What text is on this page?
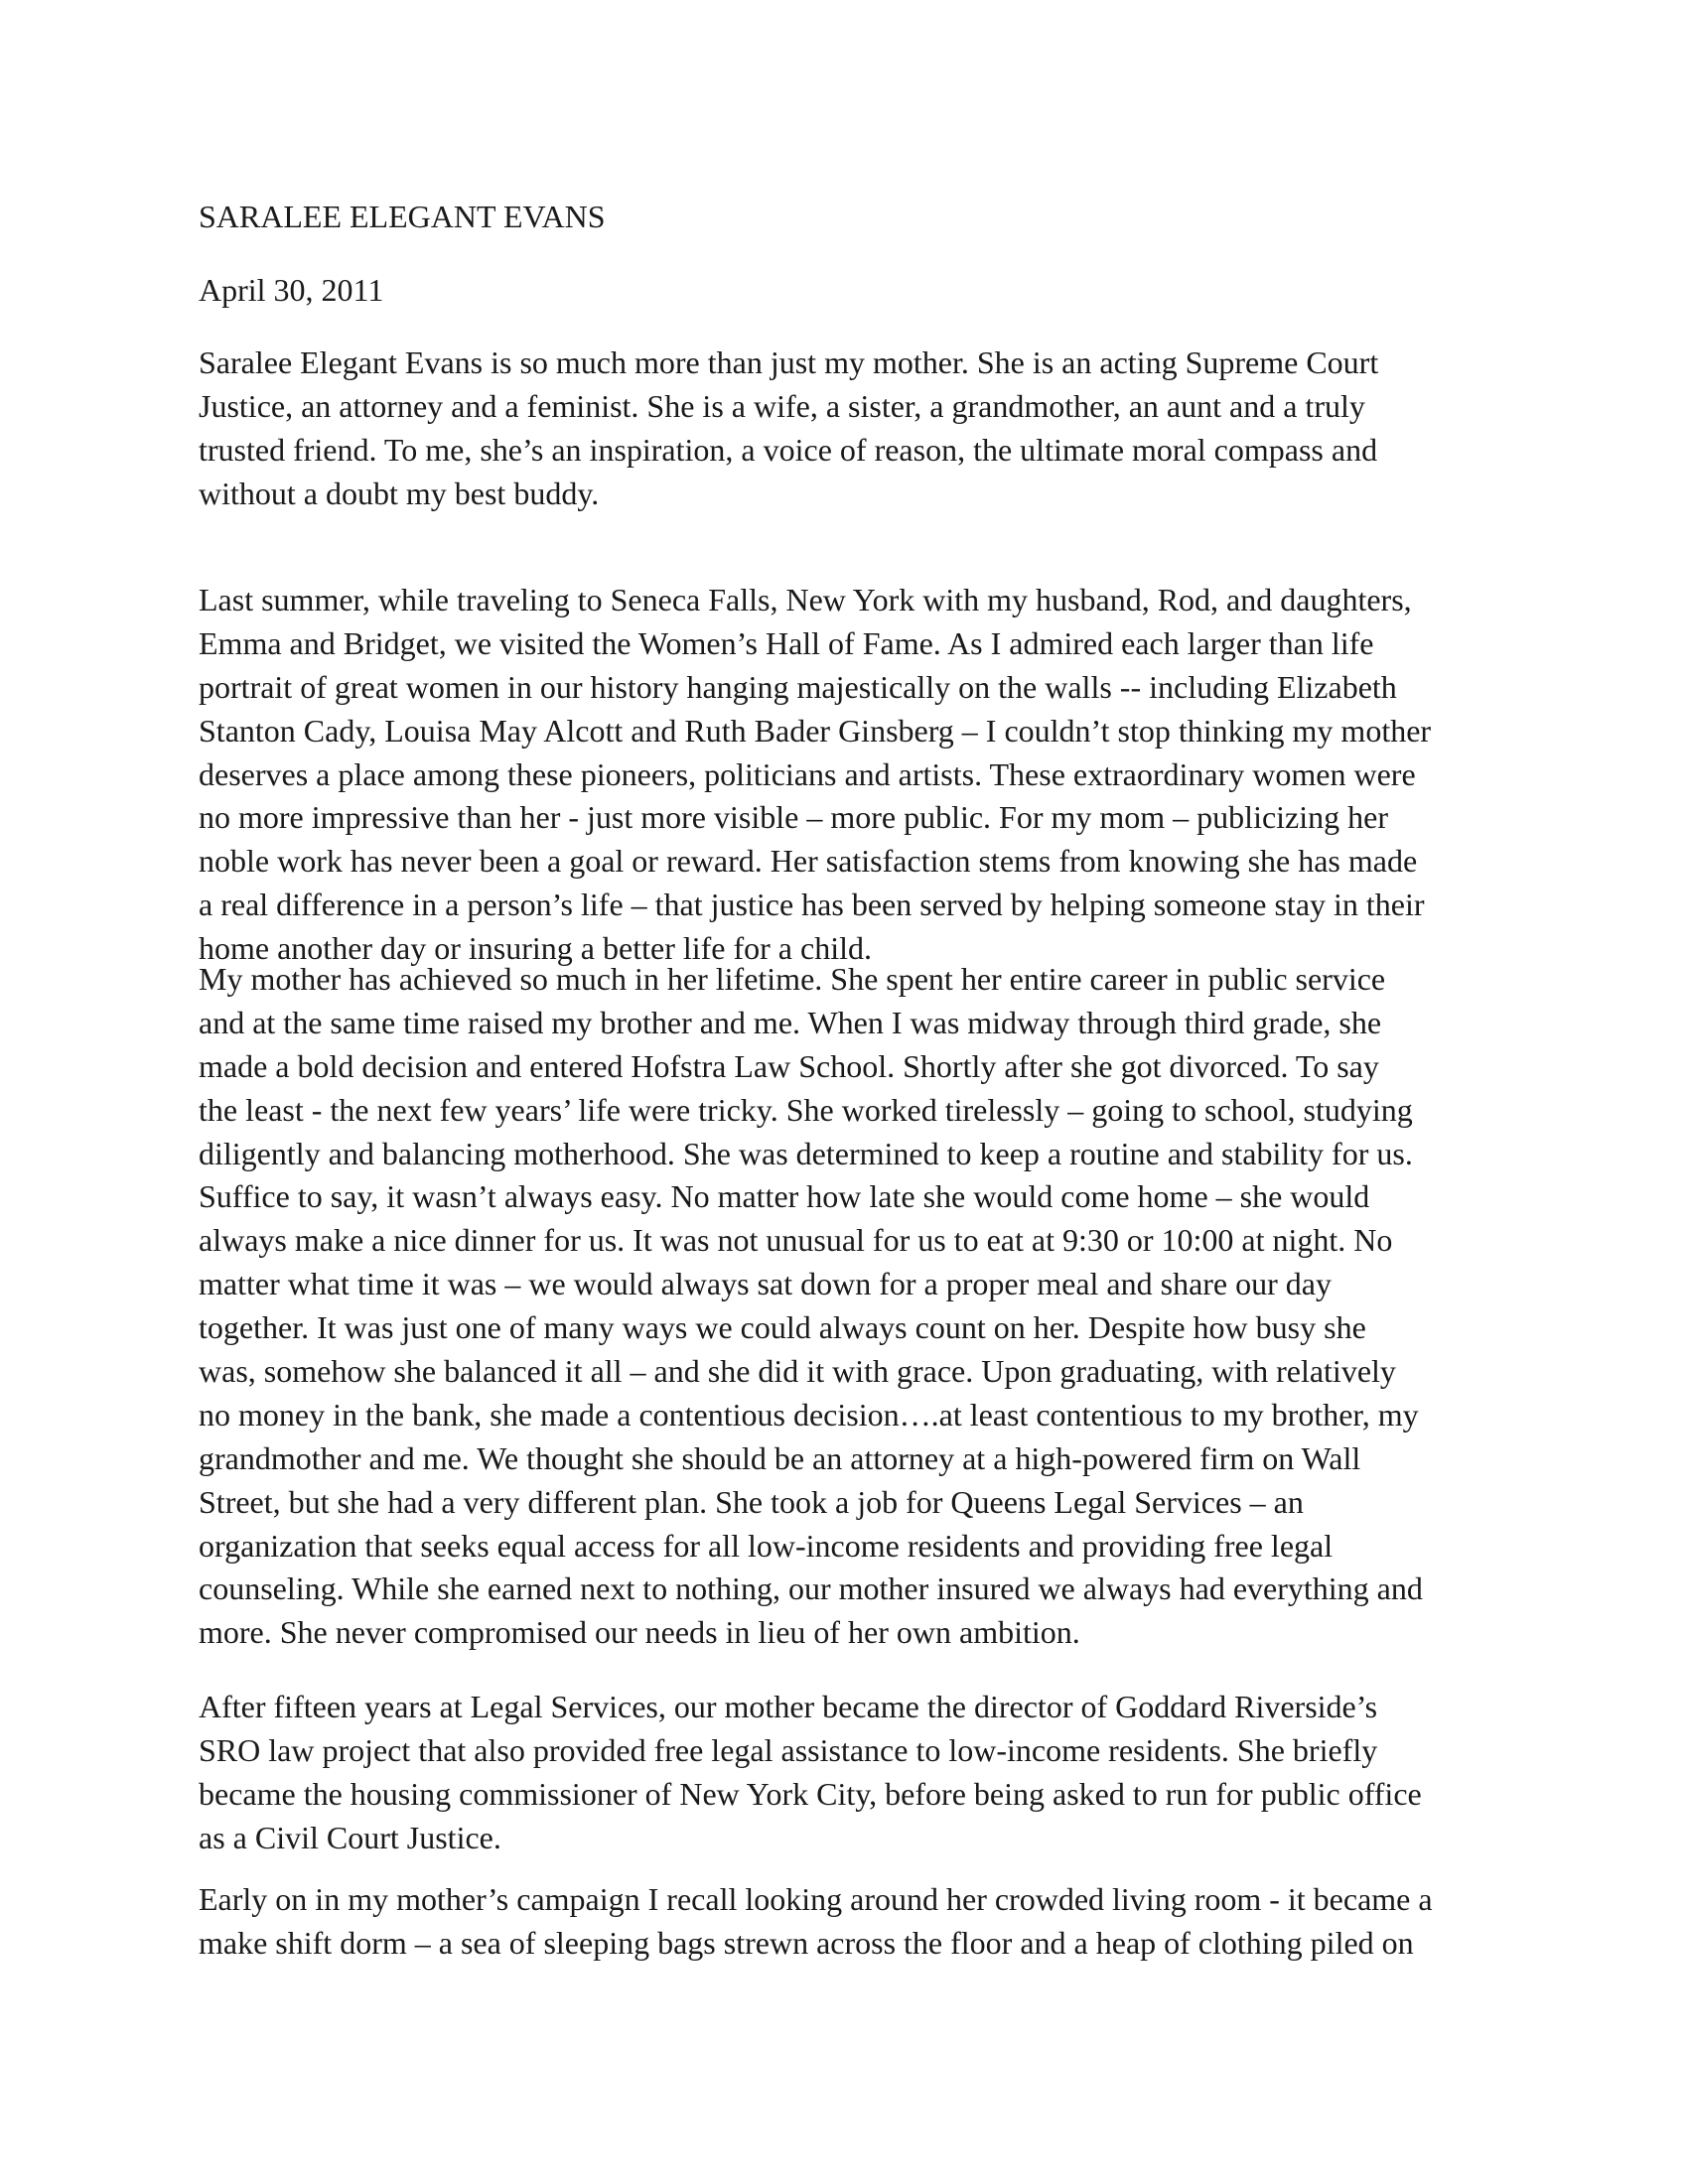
SARALEE ELEGANT EVANS

April 30, 2011

Saralee Elegant Evans is so much more than just my mother. She is an acting Supreme Court
Justice, an attorney and a feminist. She is a wife, a sister, a grandmother, an aunt and a truly
trusted friend. To me, she’s an inspiration, a voice of reason, the ultimate moral compass and
without a doubt my best buddy.

Last summer, while traveling to Seneca Falls, New York with my husband, Rod, and daughters,
Emma and Bridget, we visited the Women’s Hall of Fame. As I admired each larger than life
portrait of great women in our history hanging majestically on the walls -- including Elizabeth
Stanton Cady, Louisa May Alcott and Ruth Bader Ginsberg – I couldn’t stop thinking my mother
deserves a place among these pioneers, politicians and artists. These extraordinary women were
no more impressive than her - just more visible – more public. For my mom – publicizing her
noble work has never been a goal or reward. Her satisfaction stems from knowing she has made
a real difference in a person’s life – that justice has been served by helping someone stay in their
home another day or insuring a better life for a child.

My mother has achieved so much in her lifetime. She spent her entire career in public service
and at the same time raised my brother and me. When I was midway through third grade, she
made a bold decision and entered Hofstra Law School. Shortly after she got divorced. To say
the least - the next few years’ life were tricky. She worked tirelessly – going to school, studying
diligently and balancing motherhood. She was determined to keep a routine and stability for us.
Suffice to say, it wasn’t always easy. No matter how late she would come home – she would
always make a nice dinner for us. It was not unusual for us to eat at 9:30 or 10:00 at night. No
matter what time it was – we would always sat down for a proper meal and share our day
together. It was just one of many ways we could always count on her. Despite how busy she
was, somehow she balanced it all – and she did it with grace. Upon graduating, with relatively
no money in the bank, she made a contentious decision….at least contentious to my brother, my
grandmother and me. We thought she should be an attorney at a high-powered firm on Wall
Street, but she had a very different plan. She took a job for Queens Legal Services – an
organization that seeks equal access for all low-income residents and providing free legal
counseling. While she earned next to nothing, our mother insured we always had everything and
more. She never compromised our needs in lieu of her own ambition.

After fifteen years at Legal Services, our mother became the director of Goddard Riverside’s
SRO law project that also provided free legal assistance to low-income residents. She briefly
became the housing commissioner of New York City, before being asked to run for public office
as a Civil Court Justice.

Early on in my mother’s campaign I recall looking around her crowded living room - it became a
make shift dorm – a sea of sleeping bags strewn across the floor and a heap of clothing piled on
